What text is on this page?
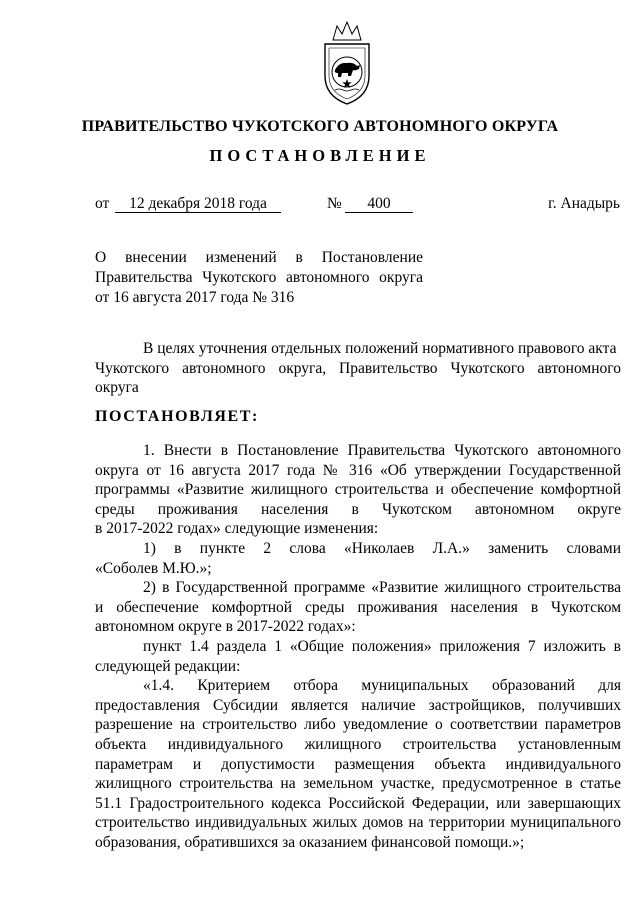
ПРАВИТЕЛЬСТВО ЧУКОТСКОГО АВТОНОМНОГО ОКРУГА
ПОСТАНОВЛЕНИЕ
от	12 декабря 2018 года	№	400	г. Анадырь
О внесении изменений в Постановление
Правительства Чукотского автономного округа
от 16 августа 2017 года № 316
В целях уточнения отдельных положений нормативного правового акта
Чукотского автономного округа, Правительство Чукотского автономного
округа
ПОСТАНОВЛЯЕТ:
1. Внести в Постановление Правительства Чукотского автономного
округа от 16 августа 2017 года № 316 «Об утверждении Государственной
программы «Развитие жилищного строительства и обеспечение комфортной
среды проживания населения в Чукотском автономном округе
в 2017-2022 годах» следующие изменения:
1) в пункте 2 слова «Николаев Л.А.» заменить словами
«Соболев М.Ю.»;
2) в Государственной программе «Развитие жилищного строительства
и обеспечение комфортной среды проживания населения в Чукотском
автономном округе в 2017-2022 годах»:
пункт 1.4 раздела 1 «Общие положения» приложения 7 изложить в
следующей редакции:
«1.4. Критерием отбора муниципальных образований для
предоставления Субсидии является наличие застройщиков, получивших
разрешение на строительство либо уведомление о соответствии параметров
объекта индивидуального жилищного строительства установленным
параметрам и допустимости размещения объекта индивидуального
жилищного строительства на земельном участке, предусмотренное в статье
51.1 Градостроительного кодекса Российской Федерации, или завершающих
строительство индивидуальных жилых домов на территории муниципального
образования, обратившихся за оказанием финансовой помощи.»;
